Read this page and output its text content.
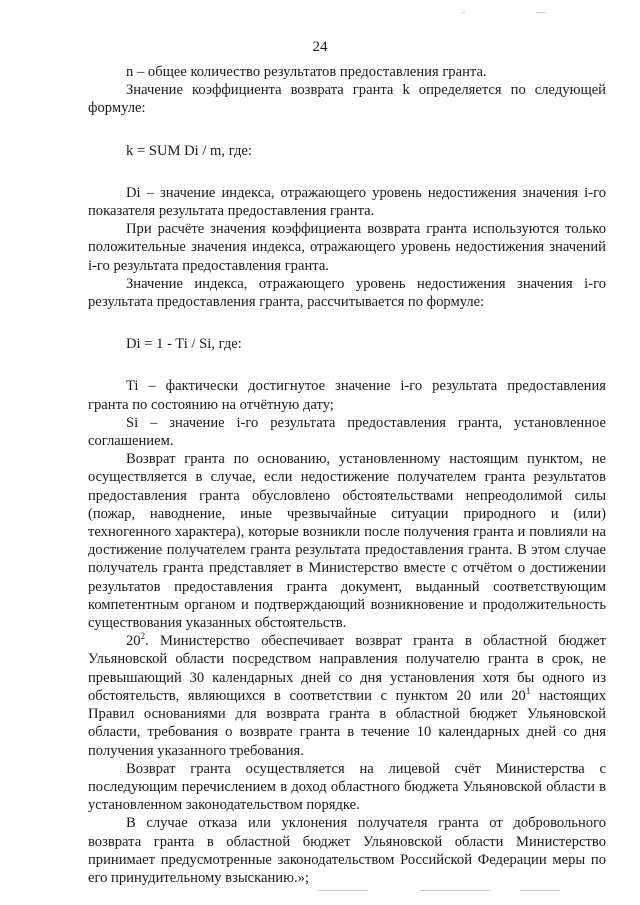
24

n – общее количество результатов предоставления гранта.

Значение коэффициента возврата гранта k определяется по следующей формуле:

k = SUM Di / m, где:

Di – значение индекса, отражающего уровень недостижения значения i-го показателя результата предоставления гранта.

При расчёте значения коэффициента возврата гранта используются только положительные значения индекса, отражающего уровень недостижения значений i-го результата предоставления гранта.

Значение индекса, отражающего уровень недостижения значения i-го результата предоставления гранта, рассчитывается по формуле:

Di = 1 - Ti / Si, где:

Ti – фактически достигнутое значение i-го результата предоставления гранта по состоянию на отчётную дату;

Si – значение i-го результата предоставления гранта, установленное соглашением.

Возврат гранта по основанию, установленному настоящим пунктом, не осуществляется в случае, если недостижение получателем гранта результатов предоставления гранта обусловлено обстоятельствами непреодолимой силы (пожар, наводнение, иные чрезвычайные ситуации природного и (или) техногенного характера), которые возникли после получения гранта и повлияли на достижение получателем гранта результата предоставления гранта. В этом случае получатель гранта представляет в Министерство вместе с отчётом о достижении результатов предоставления гранта документ, выданный соответствующим компетентным органом и подтверждающий возникновение и продолжительность существования указанных обстоятельств.

$20^2$. Министерство обеспечивает возврат гранта в областной бюджет Ульяновской области посредством направления получателю гранта в срок, не превышающий 30 календарных дней со дня установления хотя бы одного из обстоятельств, являющихся в соответствии с пунктом 20 или $20^1$ настоящих Правил основаниями для возврата гранта в областной бюджет Ульяновской области, требования о возврате гранта в течение 10 календарных дней со дня получения указанного требования.

Возврат гранта осуществляется на лицевой счёт Министерства с последующим перечислением в доход областного бюджета Ульяновской области в установленном законодательством порядке.

В случае отказа или уклонения получателя гранта от добровольного возврата гранта в областной бюджет Ульяновской области Министерство принимает предусмотренные законодательством Российской Федерации меры по его принудительному взысканию.»;
